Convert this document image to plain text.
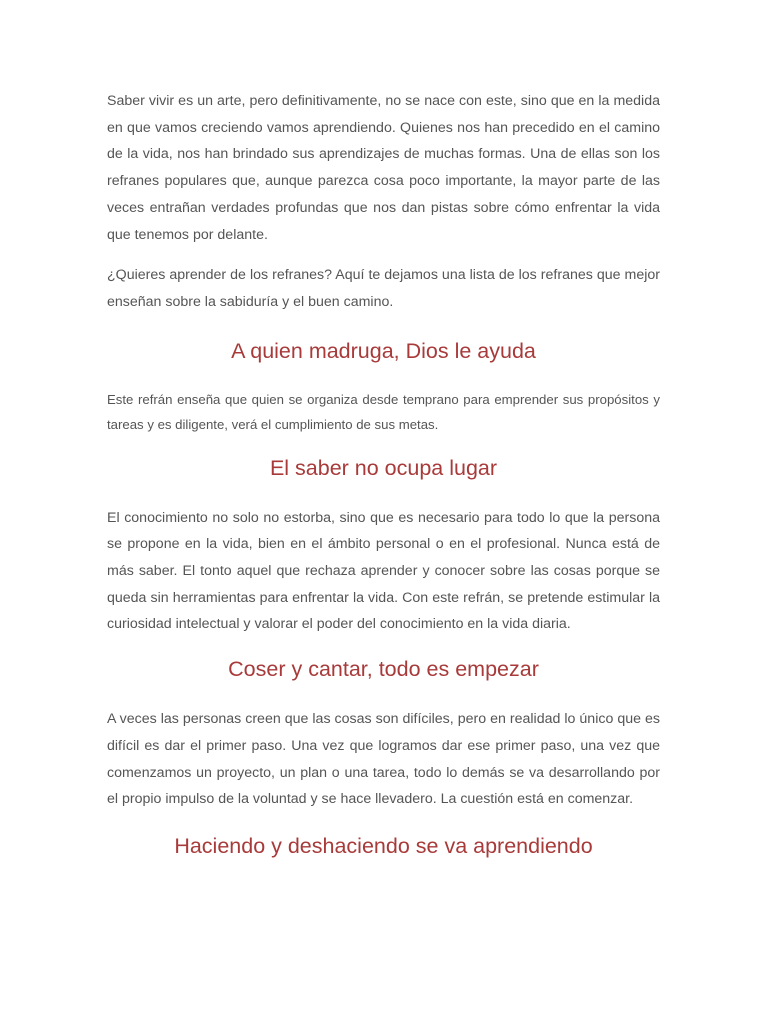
Saber vivir es un arte, pero definitivamente, no se nace con este, sino que en la medida en que vamos creciendo vamos aprendiendo. Quienes nos han precedido en el camino de la vida, nos han brindado sus aprendizajes de muchas formas. Una de ellas son los refranes populares que, aunque parezca cosa poco importante, la mayor parte de las veces entrañan verdades profundas que nos dan pistas sobre cómo enfrentar la vida que tenemos por delante.

¿Quieres aprender de los refranes? Aquí te dejamos una lista de los refranes que mejor enseñan sobre la sabiduría y el buen camino.

A quien madruga, Dios le ayuda

Este refrán enseña que quien se organiza desde temprano para emprender sus propósitos y tareas y es diligente, verá el cumplimiento de sus metas.

El saber no ocupa lugar

El conocimiento no solo no estorba, sino que es necesario para todo lo que la persona se propone en la vida, bien en el ámbito personal o en el profesional. Nunca está de más saber. El tonto aquel que rechaza aprender y conocer sobre las cosas porque se queda sin herramientas para enfrentar la vida. Con este refrán, se pretende estimular la curiosidad intelectual y valorar el poder del conocimiento en la vida diaria.

Coser y cantar, todo es empezar

A veces las personas creen que las cosas son difíciles, pero en realidad lo único que es difícil es dar el primer paso. Una vez que logramos dar ese primer paso, una vez que comenzamos un proyecto, un plan o una tarea, todo lo demás se va desarrollando por el propio impulso de la voluntad y se hace llevadero. La cuestión está en comenzar.

Haciendo y deshaciendo se va aprendiendo
